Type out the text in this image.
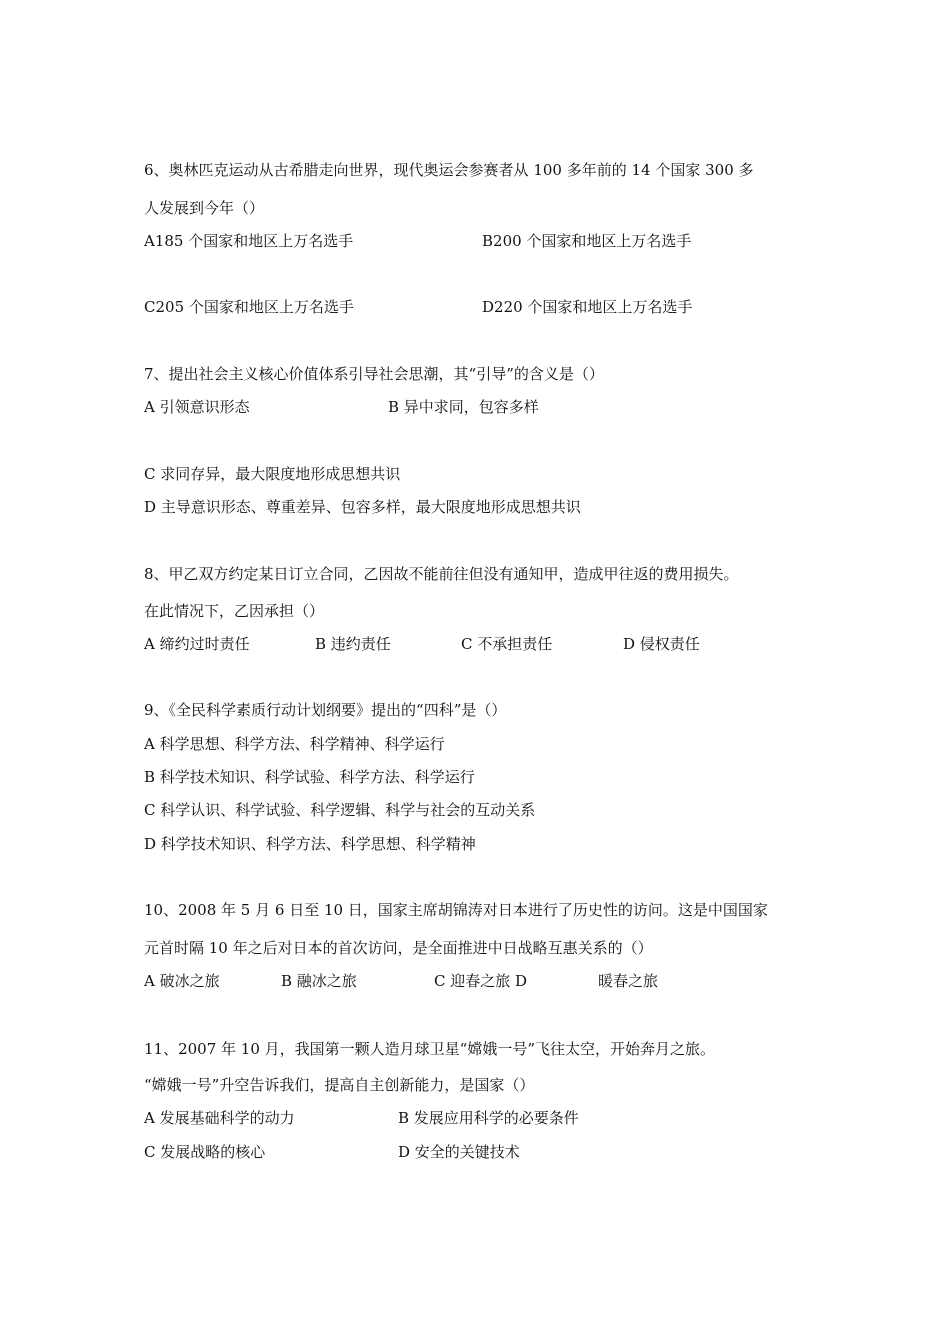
6、奥林匹克运动从古希腊走向世界，现代奥运会参赛者从 100 多年前的 14 个国家 300 多
人发展到今年（）
A185 个国家和地区上万名选手	B200 个国家和地区上万名选手
C205 个国家和地区上万名选手	D220 个国家和地区上万名选手
7、提出社会主义核心价值体系引导社会思潮，其“引导”的含义是（）
A 引领意识形态	B 异中求同，包容多样
C 求同存异，最大限度地形成思想共识
D 主导意识形态、尊重差异、包容多样，最大限度地形成思想共识
8、甲乙双方约定某日订立合同，乙因故不能前往但没有通知甲，造成甲往返的费用损失。
在此情况下，乙因承担（）
A 缔约过时责任	B 违约责任	C 不承担责任	D 侵权责任
9、《全民科学素质行动计划纲要》提出的“四科”是（）
A 科学思想、科学方法、科学精神、科学运行
B 科学技术知识、科学试验、科学方法、科学运行
C 科学认识、科学试验、科学逻辑、科学与社会的互动关系
D 科学技术知识、科学方法、科学思想、科学精神
10、2008 年 5 月 6 日至 10 日，国家主席胡锦涛对日本进行了历史性的访问。这是中国国家
元首时隔 10 年之后对日本的首次访问，是全面推进中日战略互惠关系的（）
A 破冰之旅	B 融冰之旅	C 迎春之旅 D	暖春之旅
11、2007 年 10 月，我国第一颗人造月球卫星“嫦娥一号”飞往太空，开始奔月之旅。
“嫦娥一号”升空告诉我们，提高自主创新能力，是国家（）
A 发展基础科学的动力	B 发展应用科学的必要条件
C 发展战略的核心	D 安全的关键技术
